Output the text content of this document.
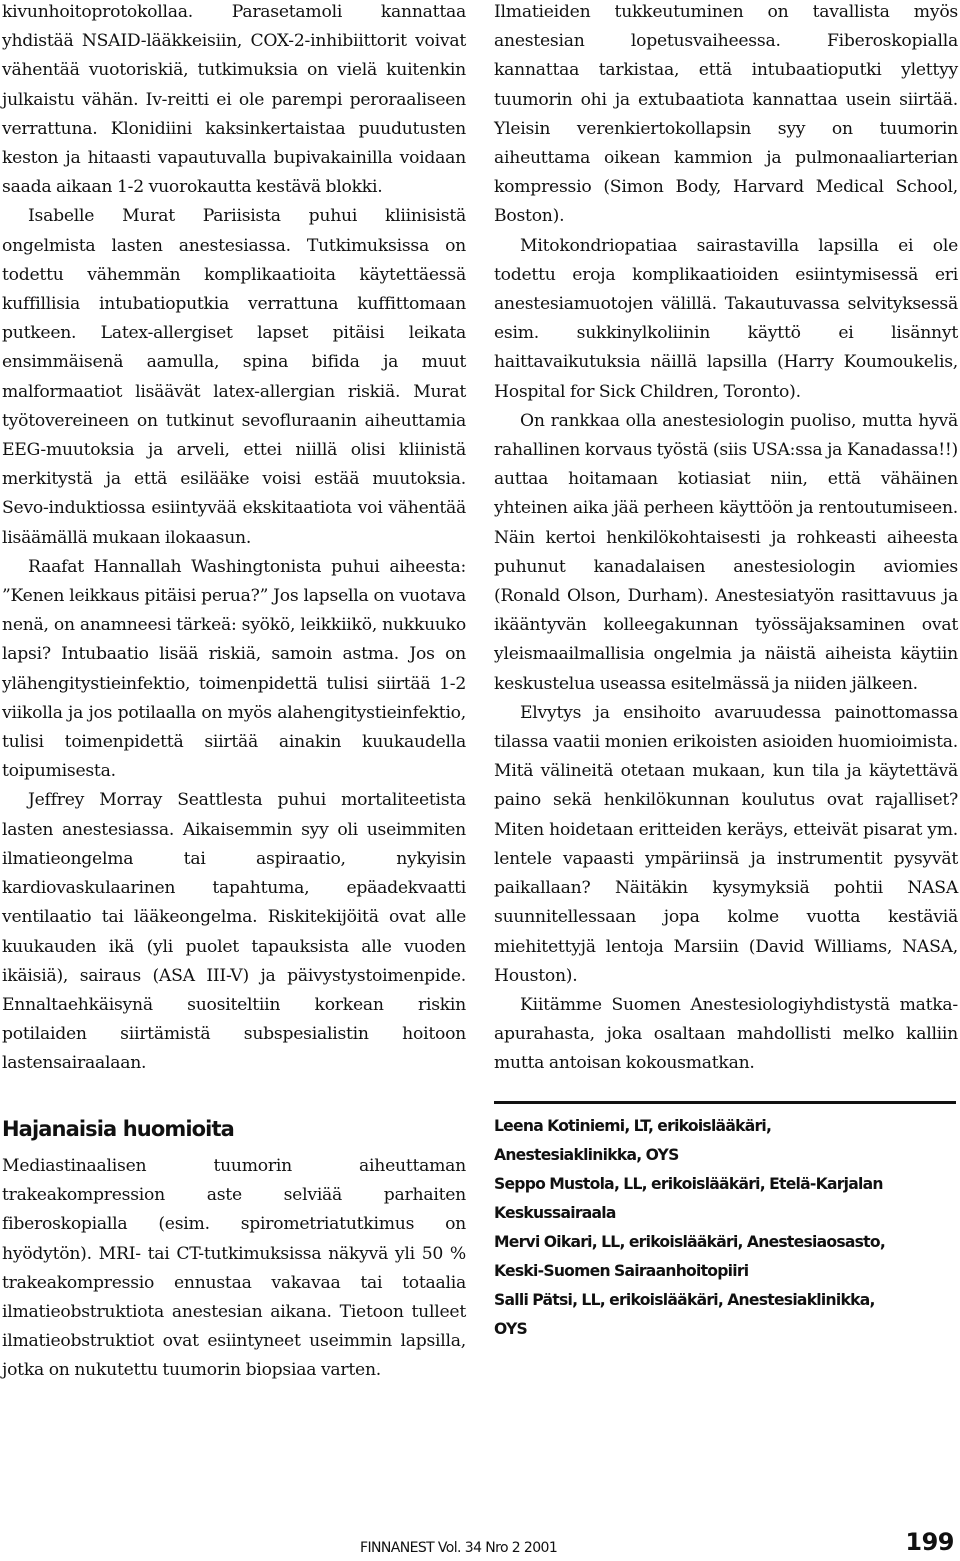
kivunhoitoprotokollaa. Parasetamoli kannattaa yhdistää NSAID-lääkkeisiin, COX-2-inhibiittorit voivat vähentää vuotoriskiä, tutkimuksia on vielä kuitenkin julkaistu vähän. Iv-reitti ei ole parempi peroraaliseen verrattuna. Klonidiini kaksinkertaistaa puudutusten keston ja hitaasti vapautuvalla bupivakainilla voidaan saada aikaan 1-2 vuorokautta kestävä blokki.

Isabelle Murat Pariisista puhui kliinisistä ongelmista lasten anestesiassa. Tutkimuksissa on todettu vähemmän komplikaatioita käytettäessä kuffillisia intubatioputkia verrattuna kuffittomaan putkeen. Latex-allergiset lapset pitäisi leikata ensimmäisenä aamulla, spina bifida ja muut malformaatiot lisäävät latex-allergian riskiä. Murat työtovereineen on tutkinut sevofluraanin aiheuttamia EEG-muutoksia ja arveli, ettei niillä olisi kliinistä merkitystä ja että esilääke voisi estää muutoksia. Sevo-induktiossa esiintyvää ekskitaatiota voi vähentää lisäämällä mukaan ilokaasun.

Raafat Hannallah Washingtonista puhui aiheesta: ”Kenen leikkaus pitäisi perua?” Jos lapsella on vuotava nenä, on anamneesi tärkeä: syökö, leikkiikö, nukkuuko lapsi? Intubaatio lisää riskiä, samoin astma. Jos on ylähengitystieinfektio, toimenpidettä tulisi siirtää 1-2 viikolla ja jos potilaalla on myös alahengitystieinfektio, tulisi toimenpidettä siirtää ainakin kuukaudella toipumisesta.

Jeffrey Morray Seattlesta puhui mortaliteetista lasten anestesiassa. Aikaisemmin syy oli useimmiten ilmatieongelma tai aspiraatio, nykyisin kardiovaskulaarinen tapahtuma, epäadekvaatti ventilaatio tai lääkeongelma. Riskitekijöitä ovat alle kuukauden ikä (yli puolet tapauksista alle vuoden ikäisiä), sairaus (ASA III-V) ja päivystystoimenpide. Ennaltaehkäisynä suositeltiin korkean riskin potilaiden siirtämistä subspesialistin hoitoon lastensairaalaan.

Hajanaisia huomioita

Mediastinaalisen tuumorin aiheuttaman trakeakompression aste selviää parhaiten fiberoskopialla (esim. spirometriatutkimus on hyödytön). MRI- tai CT-tutkimuksissa näkyvä yli 50 % trakeakompressio ennustaa vakavaa tai totaalia ilmatieobstruktiota anestesian aikana. Tietoon tulleet ilmatieobstruktiot ovat esiintyneet useimmin lapsilla, jotka on nukutettu tuumorin biopsiaa varten.

Ilmatieiden tukkeutuminen on tavallista myös anestesian lopetusvaiheessa. Fiberoskopialla kannattaa tarkistaa, että intubaatioputki ylettyy tuumorin ohi ja extubaatiota kannattaa usein siirtää. Yleisin verenkiertokollapsin syy on tuumorin aiheuttama oikean kammion ja pulmonaaliarterian kompressio (Simon Body, Harvard Medical School, Boston).

Mitokondriopatiaa sairastavilla lapsilla ei ole todettu eroja komplikaatioiden esiintymisessä eri anestesiamuotojen välillä. Takautuvassa selvityksessä esim. sukkinylkoliinin käyttö ei lisännyt haittavaikutuksia näillä lapsilla (Harry Koumoukelis, Hospital for Sick Children, Toronto).

On rankkaa olla anestesiologin puoliso, mutta hyvä rahallinen korvaus työstä (siis USA:ssa ja Kanadassa!!) auttaa hoitamaan kotiasiat niin, että vähäinen yhteinen aika jää perheen käyttöön ja rentoutumiseen. Näin kertoi henkilökohtaisesti ja rohkeasti aiheesta puhunut kanadalaisen anestesiologin aviomies (Ronald Olson, Durham). Anestesiatyön rasittavuus ja ikääntyvän kolleegakunnan työssäjaksaminen ovat yleismaailmallisia ongelmia ja näistä aiheista käytiin keskustelua useassa esitelmässä ja niiden jälkeen.

Elvytys ja ensihoito avaruudessa painottomassa tilassa vaatii monien erikoisten asioiden huomioimista. Mitä välineitä otetaan mukaan, kun tila ja käytettävä paino sekä henkilökunnan koulutus ovat rajalliset? Miten hoidetaan eritteiden keräys, etteivät pisarat ym. lentele vapaasti ympäriinsä ja instrumentit pysyvät paikallaan? Näitäkin kysymyksiä pohtii NASA suunnitellessaan jopa kolme vuotta kestäviä miehitettyjä lentoja Marsiin (David Williams, NASA, Houston).

Kiitämme Suomen Anestesiologiyhdistystä matka-apurahasta, joka osaltaan mahdollisti melko kalliin mutta antoisan kokousmatkan.

Leena Kotiniemi, LT, erikoislääkäri,
Anestesiaklinikka, OYS
Seppo Mustola, LL, erikoislääkäri, Etelä-Karjalan
Keskussairaala
Mervi Oikari, LL, erikoislääkäri, Anestesiaosasto,
Keski-Suomen Sairaanhoitopiiri
Salli Pätsi, LL, erikoislääkäri, Anestesiaklinikka,
OYS
FINNANEST Vol. 34 Nro 2 2001	199
